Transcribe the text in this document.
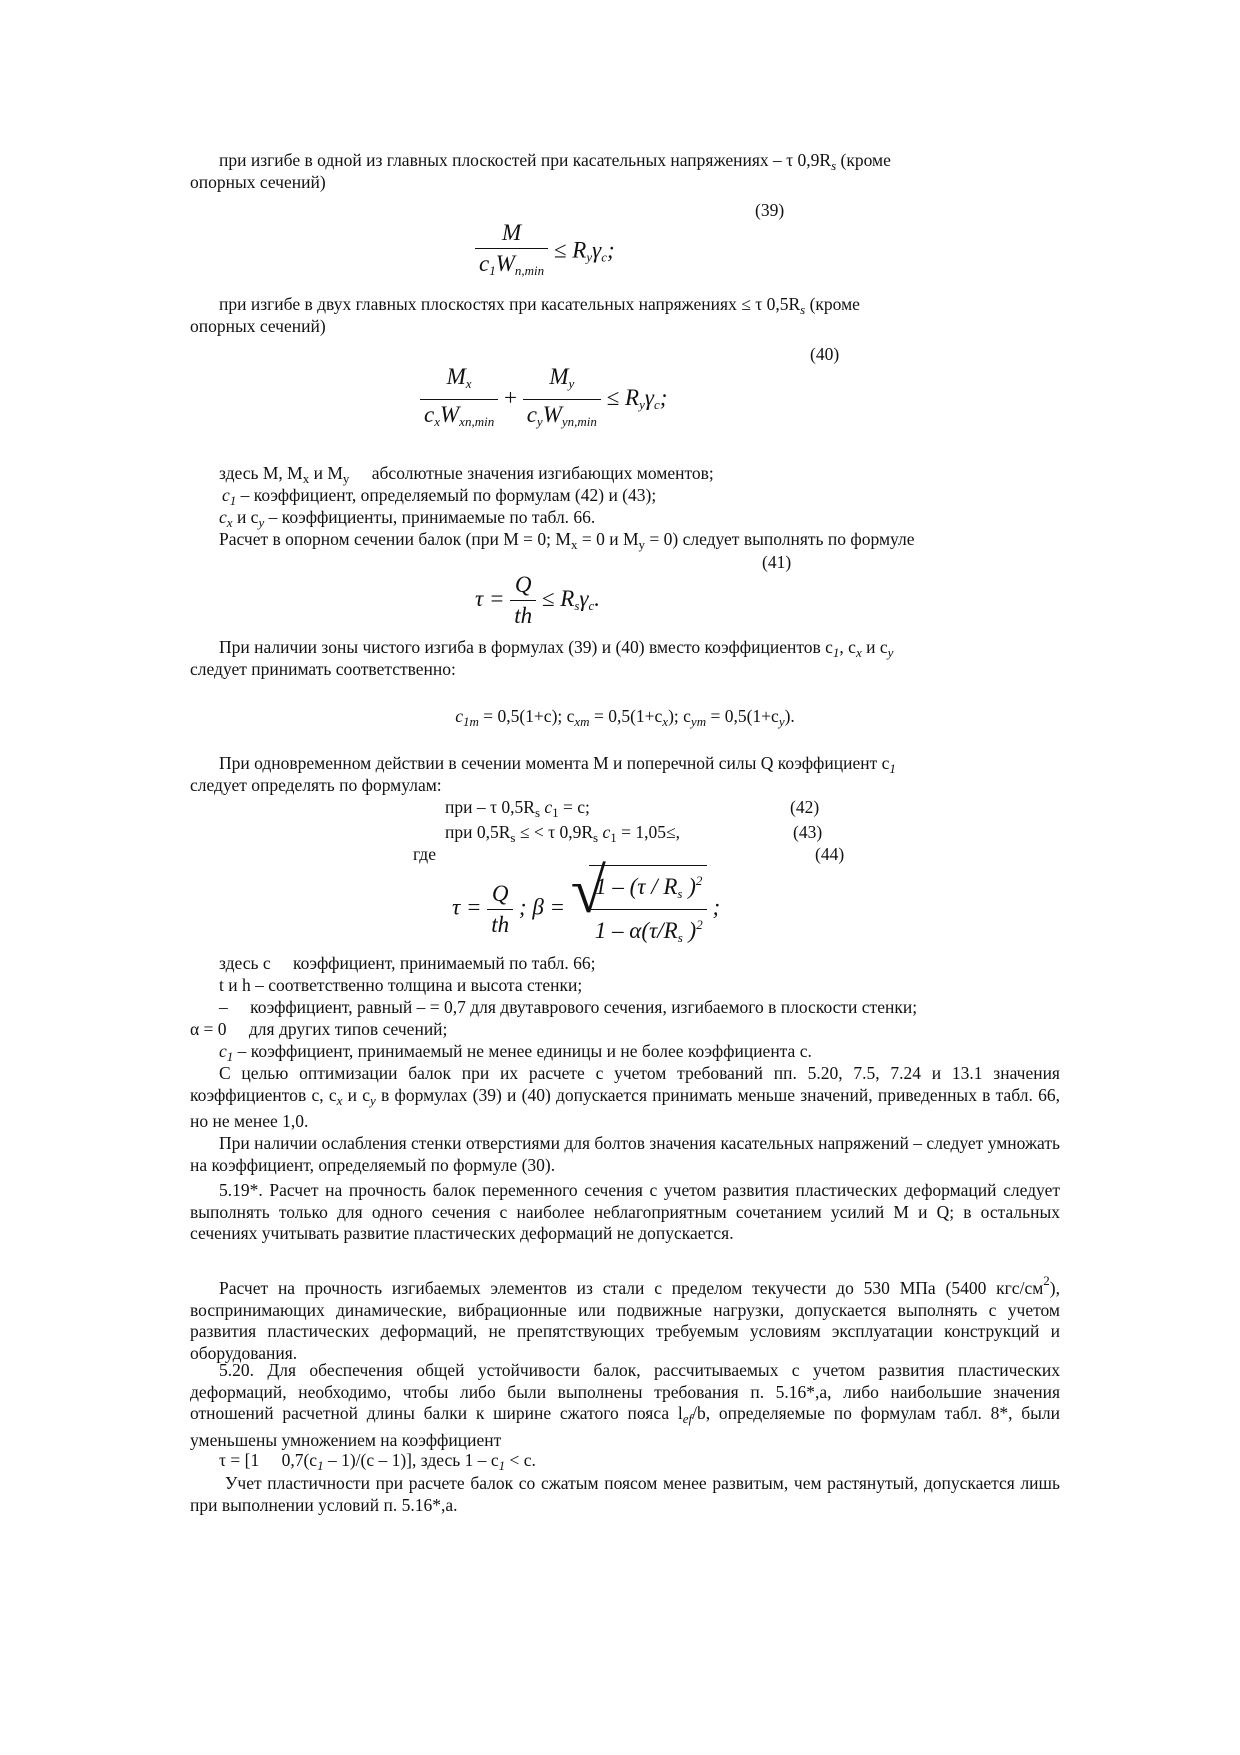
при изгибе в одной из главных плоскостей при касательных напряжениях – τ $0,9R_s$ (кроме

опорных сечений)
(39)
$\frac{M}{c_1W_{n,min}} \le R_y\gamma_c$;

при изгибе в двух главных плоскостях при касательных напряжениях ≤ τ $0,5R_s$ (кроме

опорных сечений)
(40)
$\frac{M_x}{c_xW_{xn,min}} + \frac{M_y}{c_yW_{yn,min}} \le R_y\gamma_c$;
здесь M, $M_x$ и $M_y$   абсолютные значения изгибающих моментов;
$c_1$ – коэффициент, определяемый по формулам (42) и (43);
$c_x$ и $c_y$ – коэффициенты, принимаемые по табл. 66.
Расчет в опорном сечении балок (при M = 0; $M_x = 0$ и $M_y = 0$) следует выполнять по формуле
(41)
$\tau = \frac{Q}{th} \le R_s\gamma_c$.

При наличии зоны чистого изгиба в формулах (39) и (40) вместо коэффициентов $c_1$, $c_x$ и $c_y$

следует принимать соответственно:
$c_{1m} = 0,5(1+c)$; $c_{xm} = 0,5(1+c_x)$; $c_{ym} = 0,5(1+c_y)$.

При одновременном действии в сечении момента M и поперечной силы Q коэффициент $c_1$

следует определять по формулам:
при – τ $0,5R_s$ $c_1 = c$;	(42)
при $0,5R_s$ ≤ < τ $0,9R_s$ $c_1 = 1,05\le$,	(43)
где	(44)
$\tau = \frac{Q}{th}$ ; β = √
$\frac{1 - (\tau / R_s )^2}{1 - \alpha(\tau/R_s )^2}$ ;
здесь c   коэффициент, принимаемый по табл. 66;
t и h – соответственно толщина и высота стенки;

–   коэффициент, равный – = 0,7 для двутаврового сечения, изгибаемого в плоскости стенки;

α = 0   для других типов сечений;
$c_1$ – коэффициент, принимаемый не менее единицы и не более коэффициента c.

С целью оптимизации балок при их расчете с учетом требований пп. 5.20, 7.5, 7.24 и 13.1 значения коэффициентов c, $c_x$ и $c_y$ в формулах (39) и (40) допускается принимать меньше значений, приведенных в табл. 66, но не менее 1,0.

При наличии ослабления стенки отверстиями для болтов значения касательных напряжений – следует умножать на коэффициент, определяемый по формуле (30).

5.19*. Расчет на прочность балок переменного сечения с учетом развития пластических деформаций следует выполнять только для одного сечения с наиболее неблагоприятным сочетанием усилий M и Q; в остальных сечениях учитывать развитие пластических деформаций не допускается.

Расчет на прочность изгибаемых элементов из стали с пределом текучести до 530 МПа (5400 кгс/$см^2$), воспринимающих динамические, вибрационные или подвижные нагрузки, допускается выполнять с учетом развития пластических деформаций, не препятствующих требуемым условиям эксплуатации конструкций и оборудования.

5.20. Для обеспечения общей устойчивости балок, рассчитываемых с учетом развития пластических деформаций, необходимо, чтобы либо были выполнены требования п. 5.16*,а, либо наибольшие значения отношений расчетной длины балки к ширине сжатого пояса $l_{ef}/b$, определяемые по формулам табл. 8*, были уменьшены умножением на коэффициент

τ = [1   $0,7(c_1 - 1)/(c - 1)$], здесь $1 - c_1 < c$.

Учет пластичности при расчете балок со сжатым поясом менее развитым, чем растянутый, допускается лишь при выполнении условий п. 5.16*,а.
